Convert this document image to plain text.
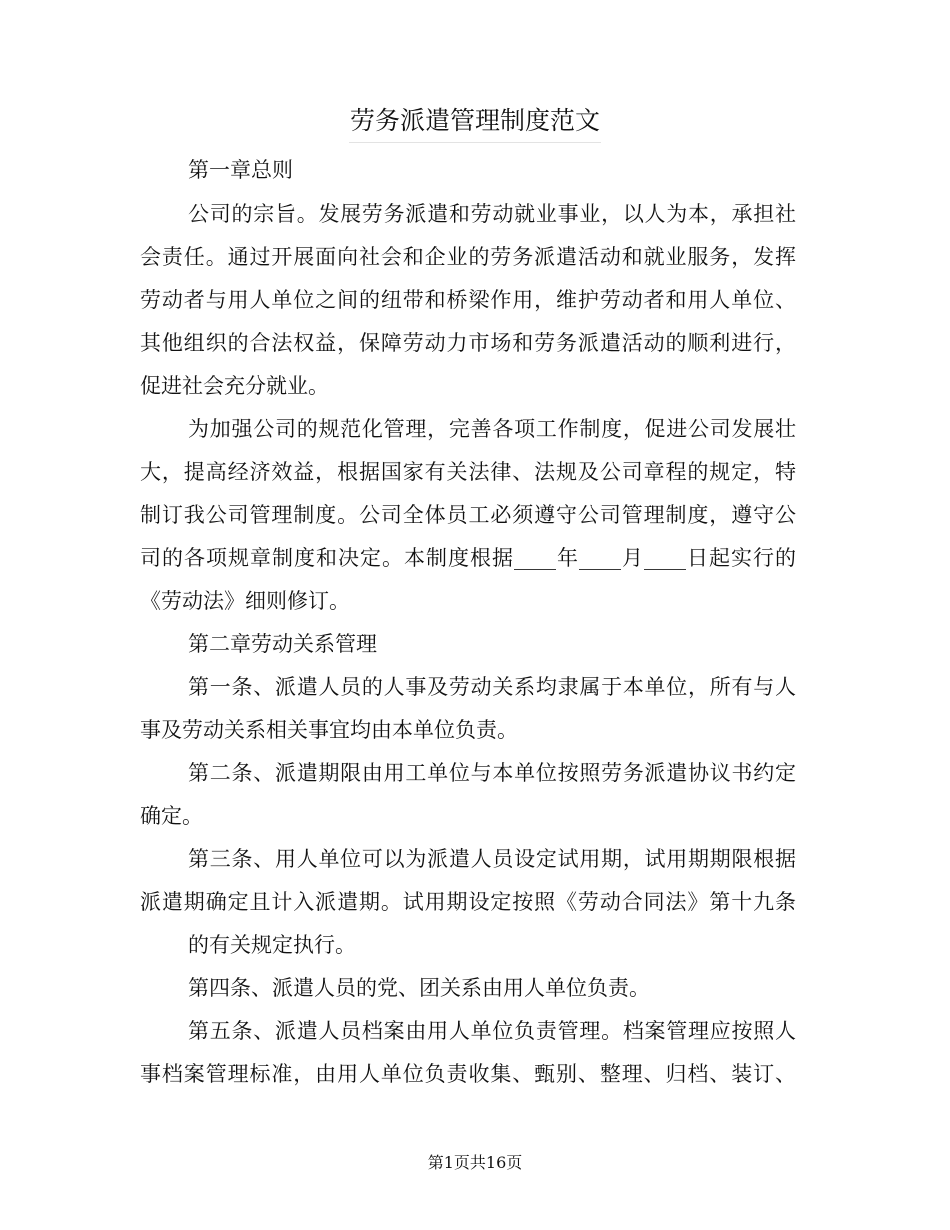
劳务派遣管理制度范文
第一章总则
公司的宗旨。发展劳务派遣和劳动就业事业，以人为本，承担社
会责任。通过开展面向社会和企业的劳务派遣活动和就业服务，发挥
劳动者与用人单位之间的纽带和桥梁作用，维护劳动者和用人单位、
其他组织的合法权益，保障劳动力市场和劳务派遣活动的顺利进行，
促进社会充分就业。
为加强公司的规范化管理，完善各项工作制度，促进公司发展壮
大，提高经济效益，根据国家有关法律、法规及公司章程的规定，特
制订我公司管理制度。公司全体员工必须遵守公司管理制度，遵守公
司的各项规章制度和决定。本制度根据____年____月____日起实行的
《劳动法》细则修订。
第二章劳动关系管理
第一条、派遣人员的人事及劳动关系均隶属于本单位，所有与人
事及劳动关系相关事宜均由本单位负责。
第二条、派遣期限由用工单位与本单位按照劳务派遣协议书约定
确定。
第三条、用人单位可以为派遣人员设定试用期，试用期期限根据
派遣期确定且计入派遣期。试用期设定按照《劳动合同法》第十九条
的有关规定执行。
第四条、派遣人员的党、团关系由用人单位负责。
第五条、派遣人员档案由用人单位负责管理。档案管理应按照人
事档案管理标准，由用人单位负责收集、甄别、整理、归档、装订、
第1页共16页
